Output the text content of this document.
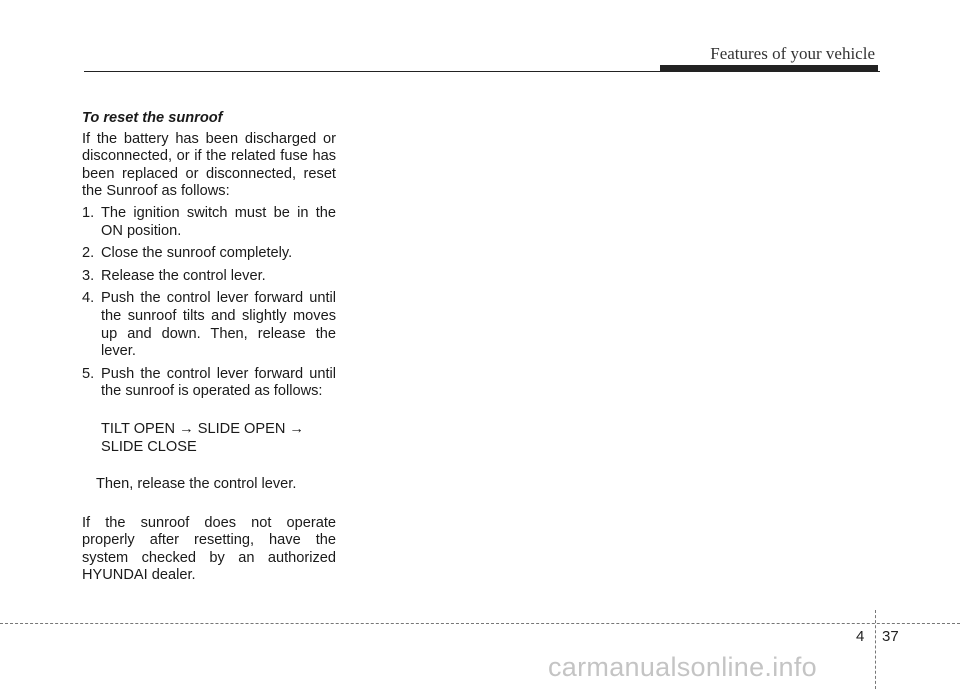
Features of your vehicle
To reset the sunroof

If the battery has been discharged or disconnected, or if the related fuse has been replaced or disconnected, reset the Sunroof as follows:

1. The ignition switch must be in the ON position.
2. Close the sunroof completely.
3. Release the control lever.
4. Push the control lever forward until the sunroof tilts and slightly moves up and down. Then, release the lever.
5. Push the control lever forward until the sunroof is operated as follows:
TILT OPEN → SLIDE OPEN →
SLIDE CLOSE

Then, release the control lever.

If the sunroof does not operate properly after resetting, have the system checked by an authorized HYUNDAI dealer.

4 37
carmanualsonline.info
